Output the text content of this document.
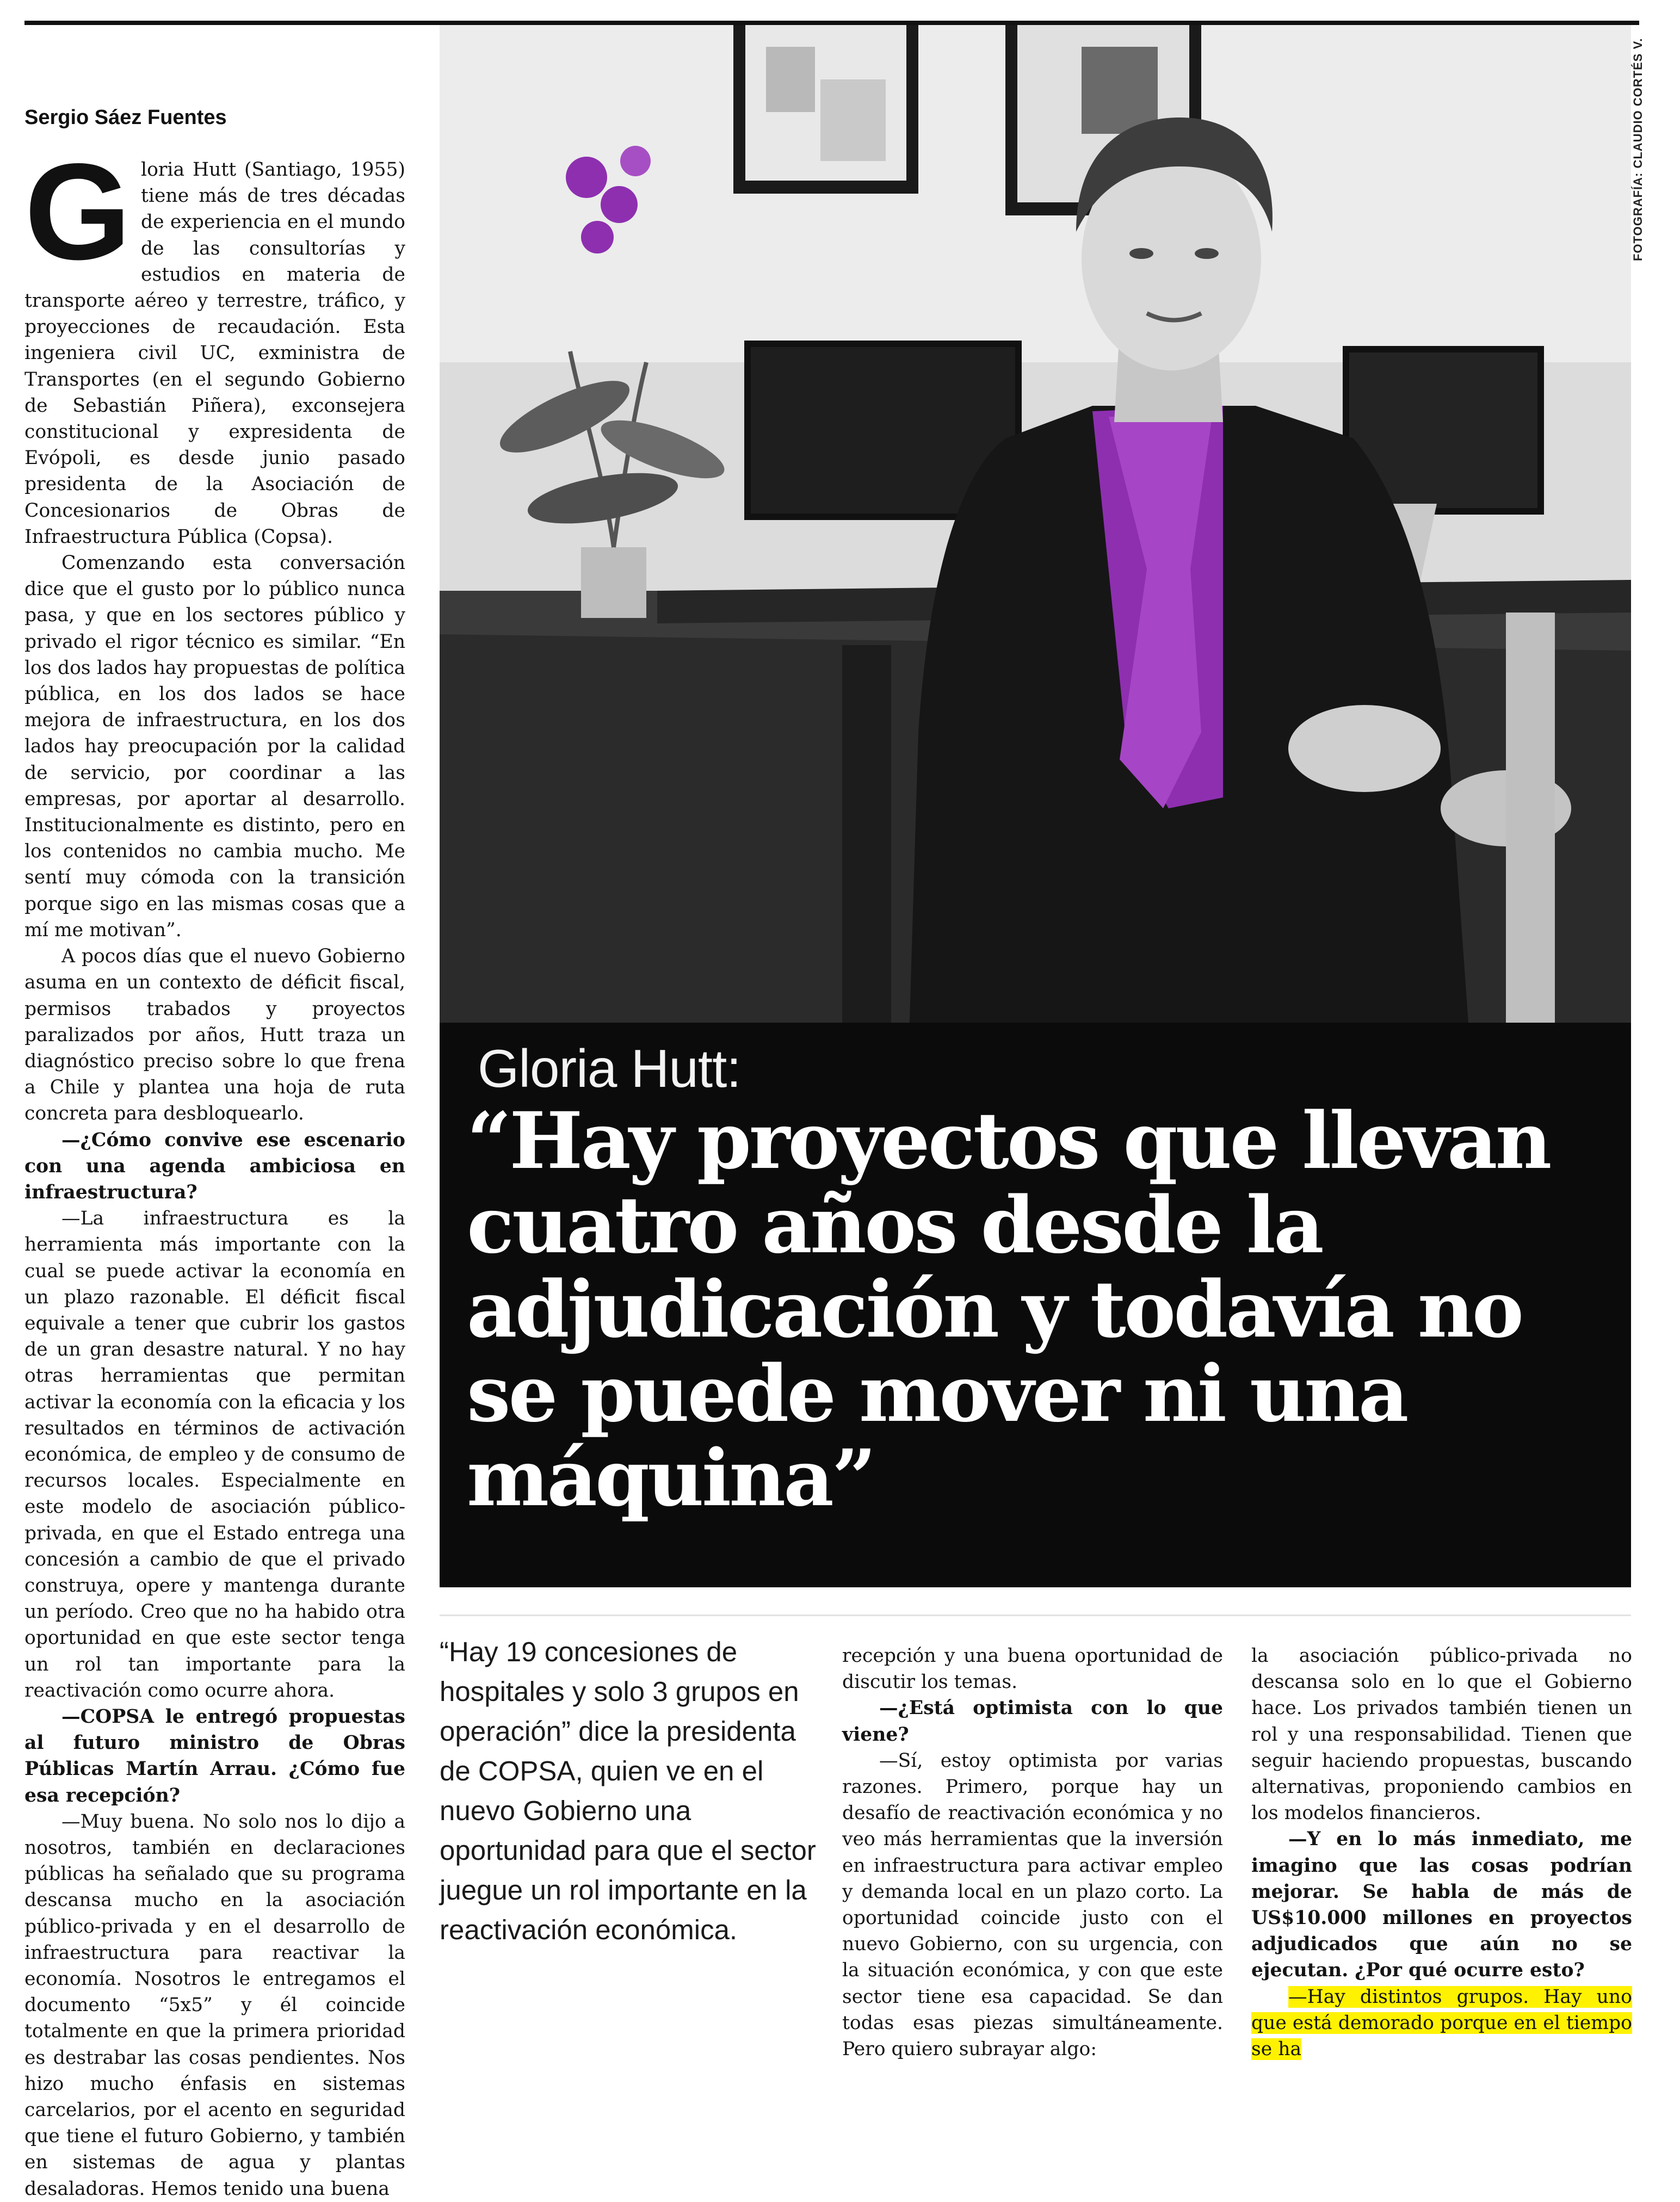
Sergio Sáez Fuentes

Gloria Hutt (Santiago, 1955) tiene más de tres décadas de experiencia en el mundo de las consultorías y estudios en materia de transporte aéreo y terrestre, tráfico, y proyecciones de recaudación. Esta ingeniera civil UC, exministra de Transportes (en el segundo Gobierno de Sebastián Piñera), exconsejera constitucional y expresidenta de Evópoli, es desde junio pasado presidenta de la Asociación de Concesionarios de Obras de Infraestructura Pública (Copsa).

Comenzando esta conversación dice que el gusto por lo público nunca pasa, y que en los sectores público y privado el rigor técnico es similar. “En los dos lados hay propuestas de política pública, en los dos lados se hace mejora de infraestructura, en los dos lados hay preocupación por la calidad de servicio, por coordinar a las empresas, por aportar al desarrollo. Institucionalmente es distinto, pero en los contenidos no cambia mucho. Me sentí muy cómoda con la transición porque sigo en las mismas cosas que a mí me motivan”.

A pocos días que el nuevo Gobierno asuma en un contexto de déficit fiscal, permisos trabados y proyectos paralizados por años, Hutt traza un diagnóstico preciso sobre lo que frena a Chile y plantea una hoja de ruta concreta para desbloquearlo.

—¿Cómo convive ese escenario con una agenda ambiciosa en infraestructura?

—La infraestructura es la herramienta más importante con la cual se puede activar la economía en un plazo razonable. El déficit fiscal equivale a tener que cubrir los gastos de un gran desastre natural. Y no hay otras herramientas que permitan activar la economía con la eficacia y los resultados en términos de activación económica, de empleo y de consumo de recursos locales. Especialmente en este modelo de asociación público-privada, en que el Estado entrega una concesión a cambio de que el privado construya, opere y mantenga durante un período. Creo que no ha habido otra oportunidad en que este sector tenga un rol tan importante para la reactivación como ocurre ahora.

—COPSA le entregó propuestas al futuro ministro de Obras Públicas Martín Arrau. ¿Cómo fue esa recepción?

—Muy buena. No solo nos lo dijo a nosotros, también en declaraciones públicas ha señalado que su programa descansa mucho en la asociación público-privada y en el desarrollo de infraestructura para reactivar la economía. Nosotros le entregamos el documento “5x5” y él coincide totalmente en que la primera prioridad es destrabar las cosas pendientes. Nos hizo mucho énfasis en sistemas carcelarios, por el acento en seguridad que tiene el futuro Gobierno, y también en sistemas de agua y plantas desaladoras. Hemos tenido una buena

FOTOGRAFÍA: CLAUDIO CORTÉS V.
Gloria Hutt:
“Hay proyectos que llevan cuatro años desde la adjudicación y todavía no se puede mover ni una máquina”

“Hay 19 concesiones de hospitales y solo 3 grupos en operación” dice la presidenta de COPSA, quien ve en el nuevo Gobierno una oportunidad para que el sector juegue un rol importante en la reactivación económica.

recepción y una buena oportunidad de discutir los temas.

—¿Está optimista con lo que viene?

—Sí, estoy optimista por varias razones. Primero, porque hay un desafío de reactivación económica y no veo más herramientas que la inversión en infraestructura para activar empleo y demanda local en un plazo corto. La oportunidad coincide justo con el nuevo Gobierno, con su urgencia, con la situación económica, y con que este sector tiene esa capacidad. Se dan todas esas piezas simultáneamente. Pero quiero subrayar algo:

la asociación público-privada no descansa solo en lo que el Gobierno hace. Los privados también tienen un rol y una responsabilidad. Tienen que seguir haciendo propuestas, buscando alternativas, proponiendo cambios en los modelos financieros.

—Y en lo más inmediato, me imagino que las cosas podrían mejorar. Se habla de más de US$10.000 millones en proyectos adjudicados que aún no se ejecutan. ¿Por qué ocurre esto?

—Hay distintos grupos. Hay uno que está demorado porque en el tiempo se ha
